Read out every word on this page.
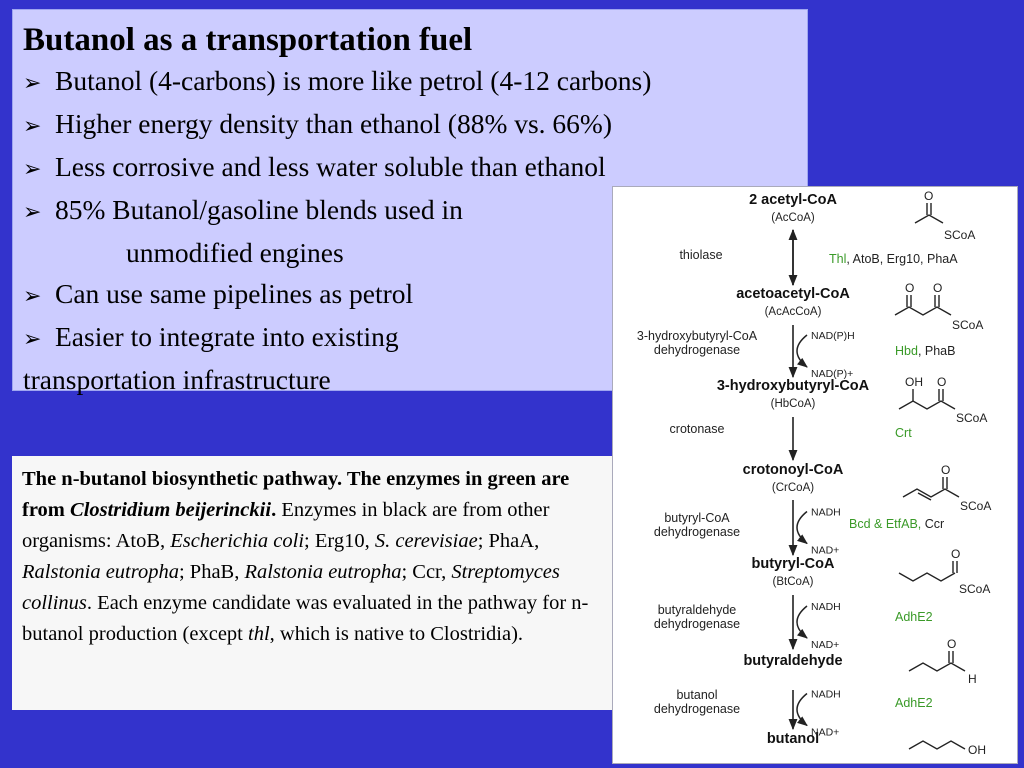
Butanol as a transportation fuel
➢ Butanol (4-carbons) is more like petrol (4-12 carbons)
➢ Higher energy density than ethanol (88% vs. 66%)
➢ Less corrosive and less water soluble than ethanol
➢ 85% Butanol/gasoline blends used in
unmodified engines
➢ Can use same pipelines as petrol
➢ Easier to integrate into existing
transportation infrastructure
The n-butanol biosynthetic pathway. The enzymes in green are from Clostridium beijerinckii. Enzymes in black are from other organisms: AtoB, Escherichia coli; Erg10, S. cerevisiae; PhaA, Ralstonia eutropha; PhaB, Ralstonia eutropha; Ccr, Streptomyces collinus. Each enzyme candidate was evaluated in the pathway for n-butanol production (except thl, which is native to Clostridia).
2 acetyl-CoA
(AcCoA)
acetoacetyl-CoA
(AcAcCoA)
3-hydroxybutyryl-CoA
(HbCoA)
crotonoyl-CoA
(CrCoA)
butyryl-CoA
(BtCoA)
butyraldehyde
butanol
thiolase	Thl, AtoB, Erg10, PhaA
NAD(P)H
NAD(P)+
3-hydroxybutyryl-CoA
dehydrogenase	Hbd, PhaB
crotonase	Crt
NADH
NAD+
butyryl-CoA
dehydrogenase
Bcd & EtfAB, Ccr
NADH
NAD+
butyraldehyde
dehydrogenase	AdhE2
NADH
NAD+
butanol
dehydrogenase	AdhE2
O
SCoA
O O
SCoA
OH O
SCoA
O
SCoA
O
SCoA
O
H
OH
